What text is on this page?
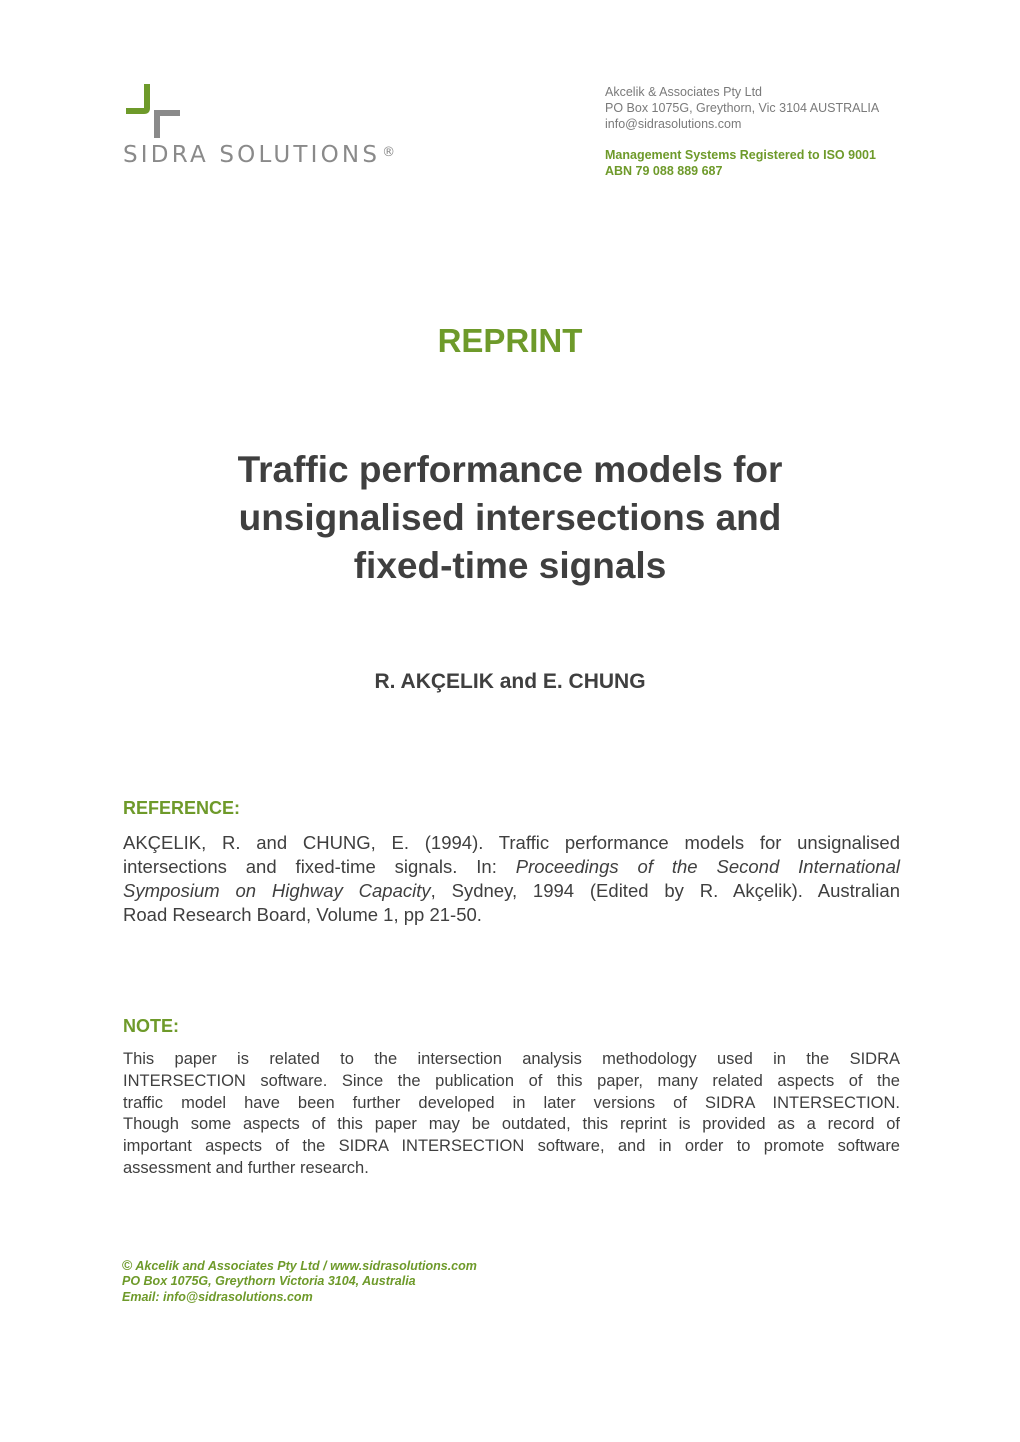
SIDRA SOLUTIONS ®
Akcelik & Associates Pty Ltd
PO Box 1075G, Greythorn, Vic 3104 AUSTRALIA
info@sidrasolutions.com
Management Systems Registered to ISO 9001
ABN 79 088 889 687
REPRINT
Traffic performance models for
unsignalised intersections and
fixed-time signals
R. AKÇELIK and E. CHUNG
REFERENCE:
AKÇELIK, R. and CHUNG, E. (1994). Traffic performance models for unsignalised
intersections and fixed-time signals. In: Proceedings of the Second International
Symposium on Highway Capacity, Sydney, 1994 (Edited by R. Akçelik). Australian
Road Research Board, Volume 1, pp 21-50.
NOTE:
This paper is related to the intersection analysis methodology used in the SIDRA
INTERSECTION software. Since the publication of this paper, many related aspects of the
traffic model have been further developed in later versions of SIDRA INTERSECTION.
Though some aspects of this paper may be outdated, this reprint is provided as a record of
important aspects of the SIDRA INTERSECTION software, and in order to promote software
assessment and further research.
© Akcelik and Associates Pty Ltd / www.sidrasolutions.com
PO Box 1075G, Greythorn Victoria 3104, Australia
Email: info@sidrasolutions.com
